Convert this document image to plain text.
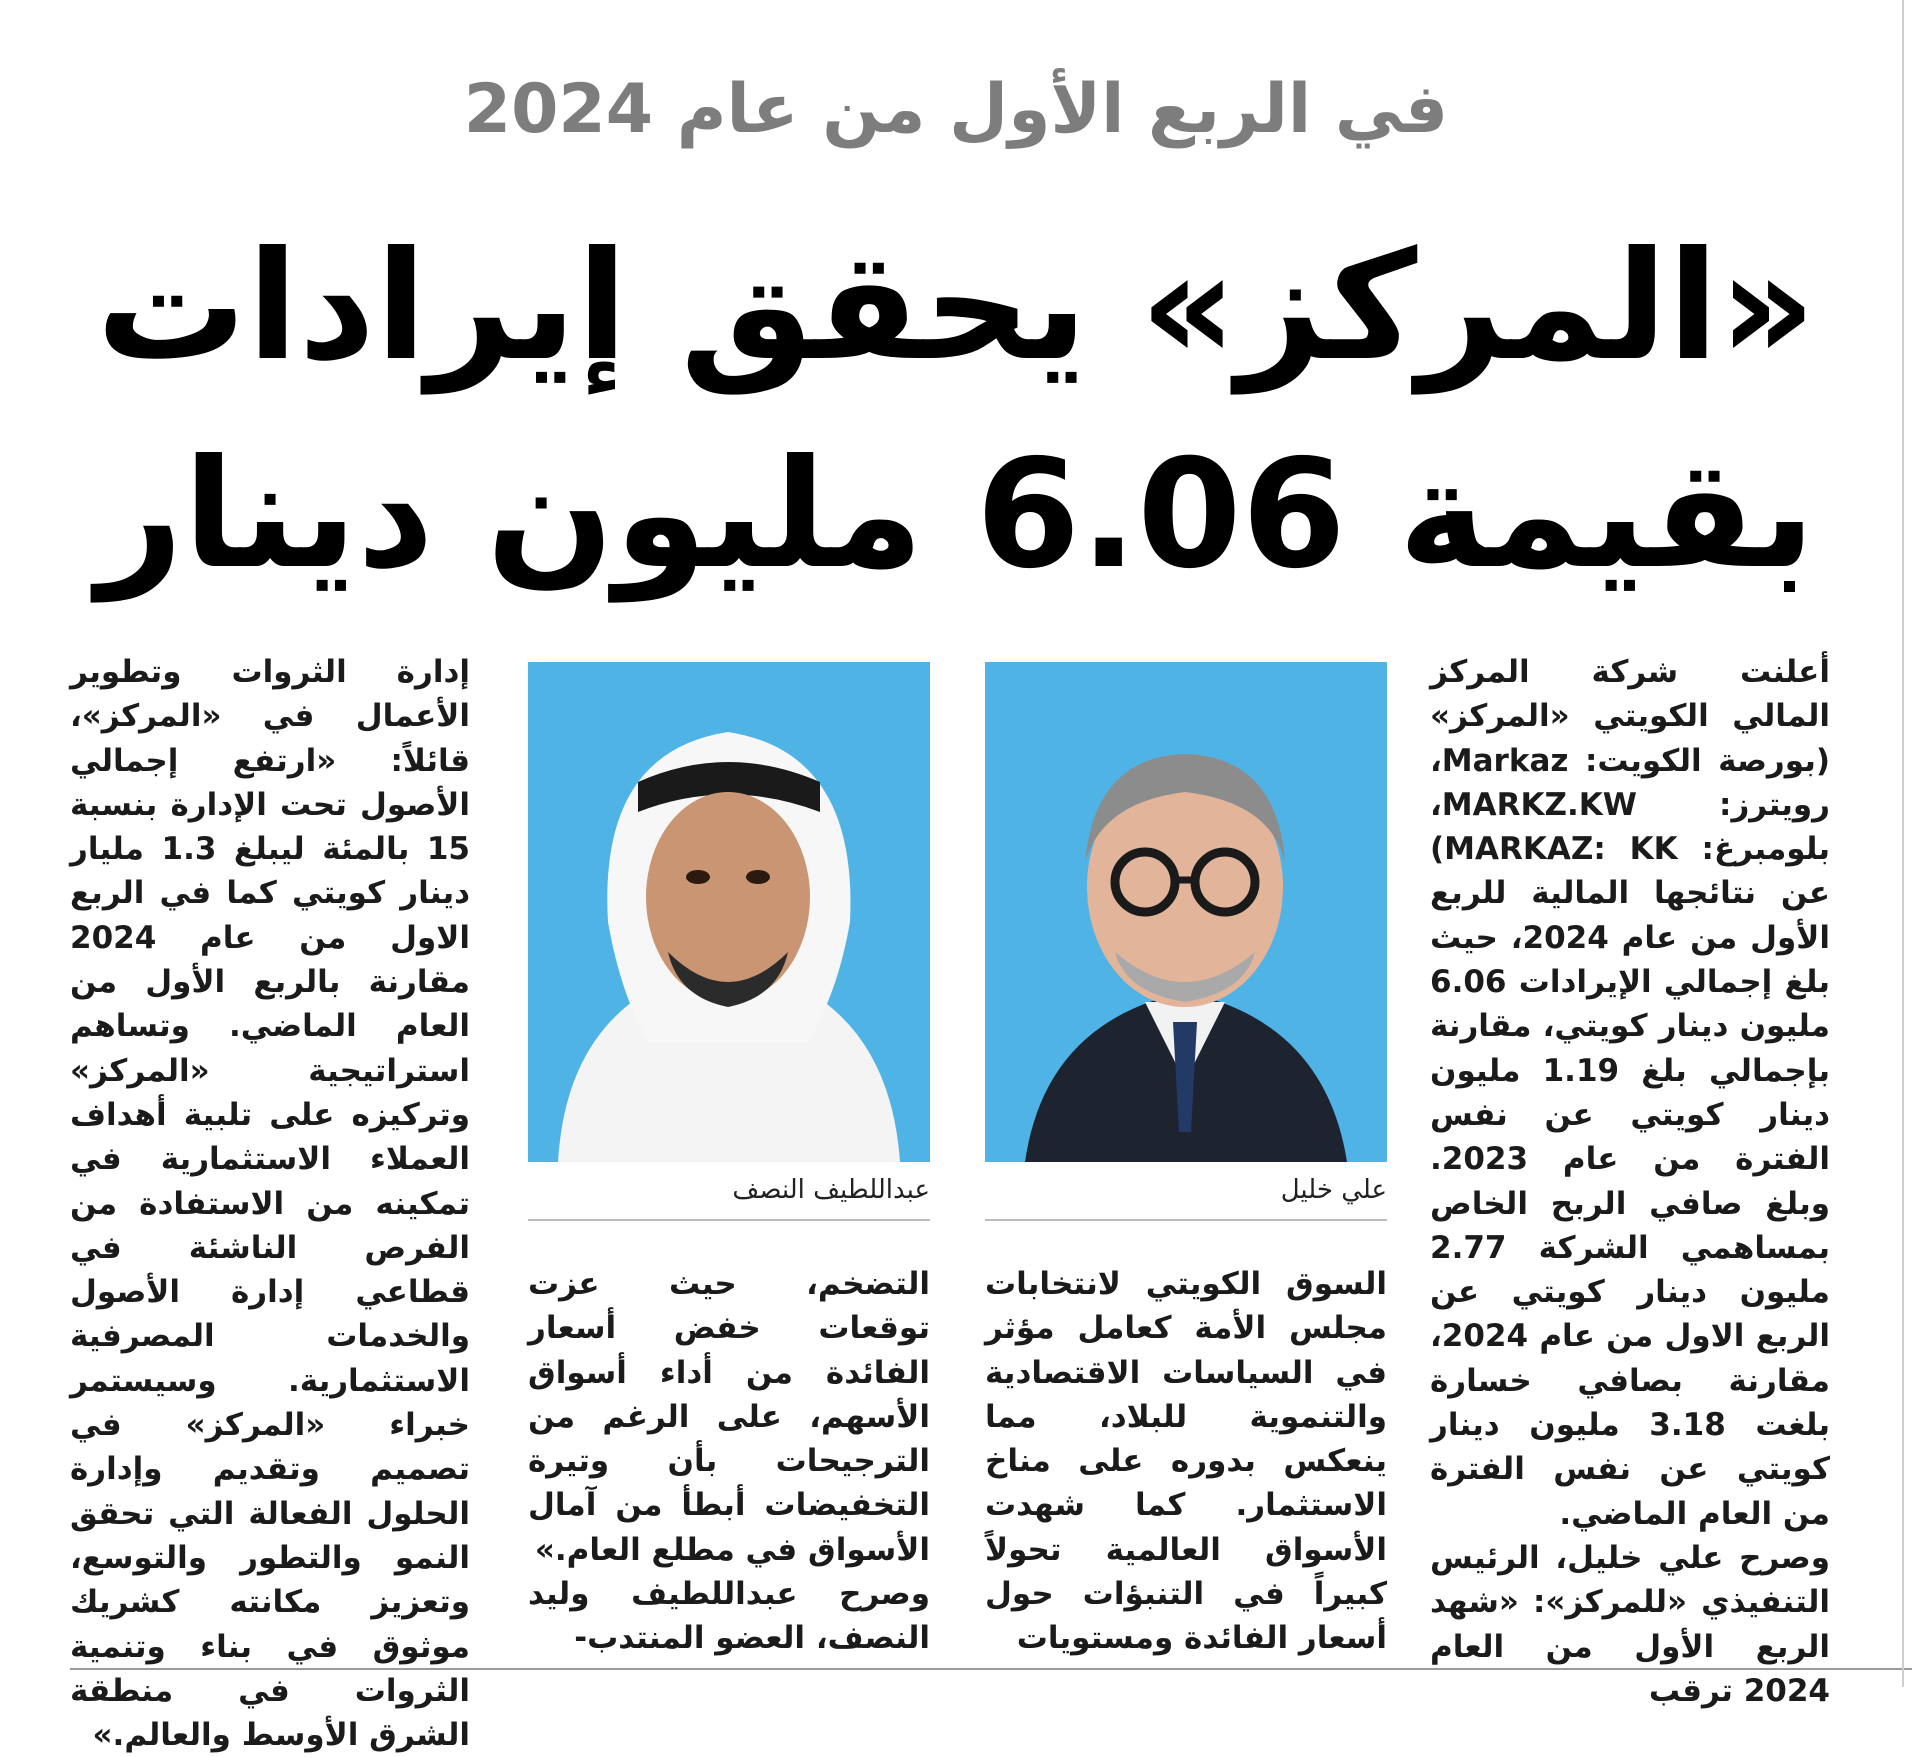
في الربع الأول من عام 2024
«المركز» يحقق إيرادات
بقيمة 6.06 مليون دينار

أعلنت شركة المركز المالي الكويتي «المركز» (بورصة الكويت: Markaz، رويترز: MARKZ.KW، بلومبرغ: MARKAZ: KK) عن نتائجها المالية للربع الأول من عام 2024، حيث بلغ إجمالي الإيرادات 6.06 مليون دينار كويتي، مقارنة بإجمالي بلغ 1.19 مليون دينار كويتي عن نفس الفترة من عام 2023. وبلغ صافي الربح الخاص بمساهمي الشركة 2.77 مليون دينار كويتي عن الربع الاول من عام 2024، مقارنة بصافي خسارة بلغت 3.18 مليون دينار كويتي عن نفس الفترة من العام الماضي.

وصرح علي خليل، الرئيس التنفيذي «للمركز»: «شهد الربع الأول من العام 2024 ترقب

علي خليل

السوق الكويتي لانتخابات مجلس الأمة كعامل مؤثر في السياسات الاقتصادية والتنموية للبلاد، مما ينعكس بدوره على مناخ الاستثمار. كما شهدت الأسواق العالمية تحولاً كبيراً في التنبؤات حول أسعار الفائدة ومستويات

عبداللطيف النصف

التضخم، حيث عزت توقعات خفض أسعار الفائدة من أداء أسواق الأسهم، على الرغم من الترجيحات بأن وتيرة التخفيضات أبطأ من آمال الأسواق في مطلع العام.»

وصرح عبداللطيف وليد النصف، العضو المنتدب-

إدارة الثروات وتطوير الأعمال في «المركز»، قائلاً: «ارتفع إجمالي الأصول تحت الإدارة بنسبة 15 بالمئة ليبلغ 1.3 مليار دينار كويتي كما في الربع الاول من عام 2024 مقارنة بالربع الأول من العام الماضي. وتساهم استراتيجية «المركز» وتركيزه على تلبية أهداف العملاء الاستثمارية في تمكينه من الاستفادة من الفرص الناشئة في قطاعي إدارة الأصول والخدمات المصرفية الاستثمارية. وسيستمر خبراء «المركز» في تصميم وتقديم وإدارة الحلول الفعالة التي تحقق النمو والتطور والتوسع، وتعزيز مكانته كشريك موثوق في بناء وتنمية الثروات في منطقة الشرق الأوسط والعالم.»
